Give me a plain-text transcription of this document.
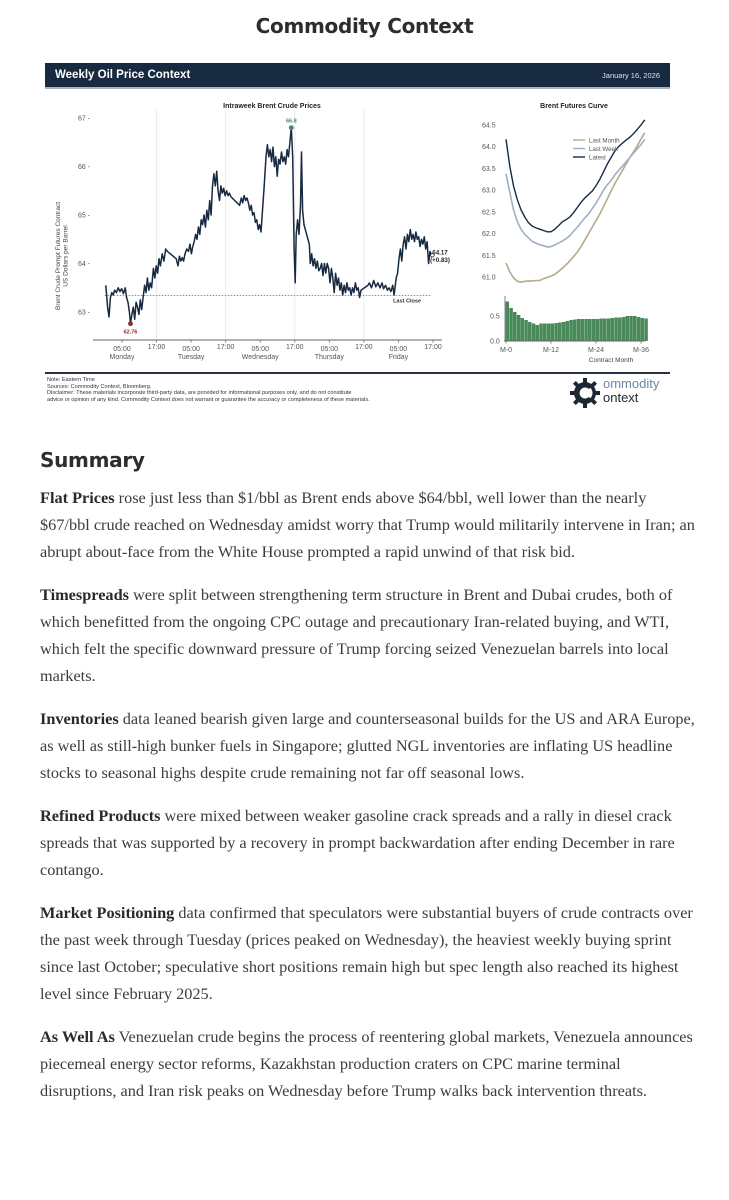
Commodity Context
Weekly Oil Price Context	January 16, 2026
Intraweek Brent Crude Prices
Brent Crude Prompt Futures Contract US Dollars per Barrel
63 -
64 -
65 -
66 -
67 -
Last Close
62.76
66.8
64.17
(+0.83)
05:00
Monday
17:00 05:00
Tuesday
17:00 05:00
Wednesday
17:00 05:00
Thursday
17:00 05:00
Friday
17:00
Brent Futures Curve
61.0
61.5
62.0
62.5
63.0
63.5
64.0
64.5
Last Month
Last Week
Latest
0.0
0.5
M-0	M-12	M-24	M-36
Contract Month
Note: Eastern Time
Sources: Commodity Context, Bloomberg.
Disclaimer: These materials incorporate third-party data, are provided for informational purposes only, and do not constitute
advice or opinion of any kind. Commodity Context does not warrant or guarantee the accuracy or completeness of these materials.
ommodity
ontext
Summary

Flat Prices rose just less than $1/bbl as Brent ends above $64/bbl, well lower than the nearly $67/bbl crude reached on Wednesday amidst worry that Trump would militarily intervene in Iran; an abrupt about-face from the White House prompted a rapid unwind of that risk bid.

Timespreads were split between strengthening term structure in Brent and Dubai crudes, both of which benefitted from the ongoing CPC outage and precautionary Iran-related buying, and WTI, which felt the specific downward pressure of Trump forcing seized Venezuelan barrels into local markets.

Inventories data leaned bearish given large and counterseasonal builds for the US and ARA Europe, as well as still-high bunker fuels in Singapore; glutted NGL inventories are inflating US headline stocks to seasonal highs despite crude remaining not far off seasonal lows.

Refined Products were mixed between weaker gasoline crack spreads and a rally in diesel crack spreads that was supported by a recovery in prompt backwardation after ending December in rare contango.

Market Positioning data confirmed that speculators were substantial buyers of crude contracts over the past week through Tuesday (prices peaked on Wednesday), the heaviest weekly buying sprint since last October; speculative short positions remain high but spec length also reached its highest level since February 2025.

As Well As Venezuelan crude begins the process of reentering global markets, Venezuela announces piecemeal energy sector reforms, Kazakhstan production craters on CPC marine terminal disruptions, and Iran risk peaks on Wednesday before Trump walks back intervention threats.
